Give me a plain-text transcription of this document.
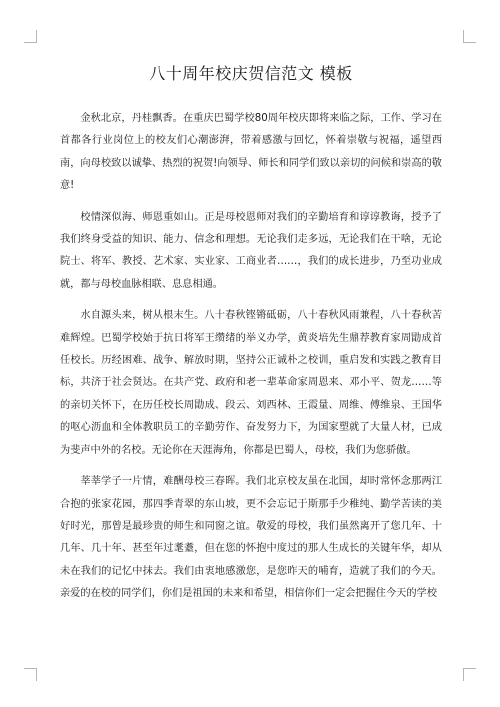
八十周年校庆贺信范文 模板

金秋北京，丹桂飘香。在重庆巴蜀学校80周年校庆即将来临之际，工作、学习在首都各行业岗位上的校友们心潮澎湃，带着感激与回忆，怀着崇敬与祝福，遥望西南，向母校致以诚挚、热烈的祝贺!向领导、师长和同学们致以亲切的问候和崇高的敬意!

校情深似海、师恩重如山。正是母校恩师对我们的辛勤培育和谆谆教诲，授予了我们终身受益的知识、能力、信念和理想。无论我们走多远，无论我们在干啥，无论院士、将军、教授、艺术家、实业家、工商业者……，我们的成长进步，乃至功业成就，都与母校血脉相联、息息相通。

水自源头来，树从根末生。八十春秋铿锵砥砺，八十春秋风雨兼程，八十春秋苦难辉煌。巴蜀学校始于抗日将军王缵绪的举义办学，黄炎培先生鼎荐教育家周勖成首任校长。历经困难、战争、解放时期，坚持公正诚朴之校训，重启发和实践之教育目标，共济于社会贤达。在共产党、政府和老一辈革命家周恩来、邓小平、贺龙……等的亲切关怀下，在历任校长周勖成、段云、刘西林、王霞量、周维、傅维泉、王国华的呕心沥血和全体教职员工的辛勤劳作、奋发努力下，为国家塑就了大量人材，已成为斐声中外的名校。无论你在天涯海角，你都是巴蜀人，母校，我们为您骄傲。

莘莘学子一片情，难酬母校三春晖。我们北京校友虽在北国，却时常怀念那两江合抱的张家花园，那四季青翠的东山坡，更不会忘记于斯那手少稚纯、勤学苦读的美好时光，那曾是最珍贵的师生和同窗之谊。敬爱的母校，我们虽然离开了您几年、十几年、几十年、甚至年过耄耋，但在您的怀抱中度过的那人生成长的关键年华，却从未在我们的记忆中抹去。我们由衷地感激您，是您昨天的哺育，造就了我们的今天。亲爱的在校的同学们，你们是祖国的未来和希望，相信你们一定会把握住今天的学校
